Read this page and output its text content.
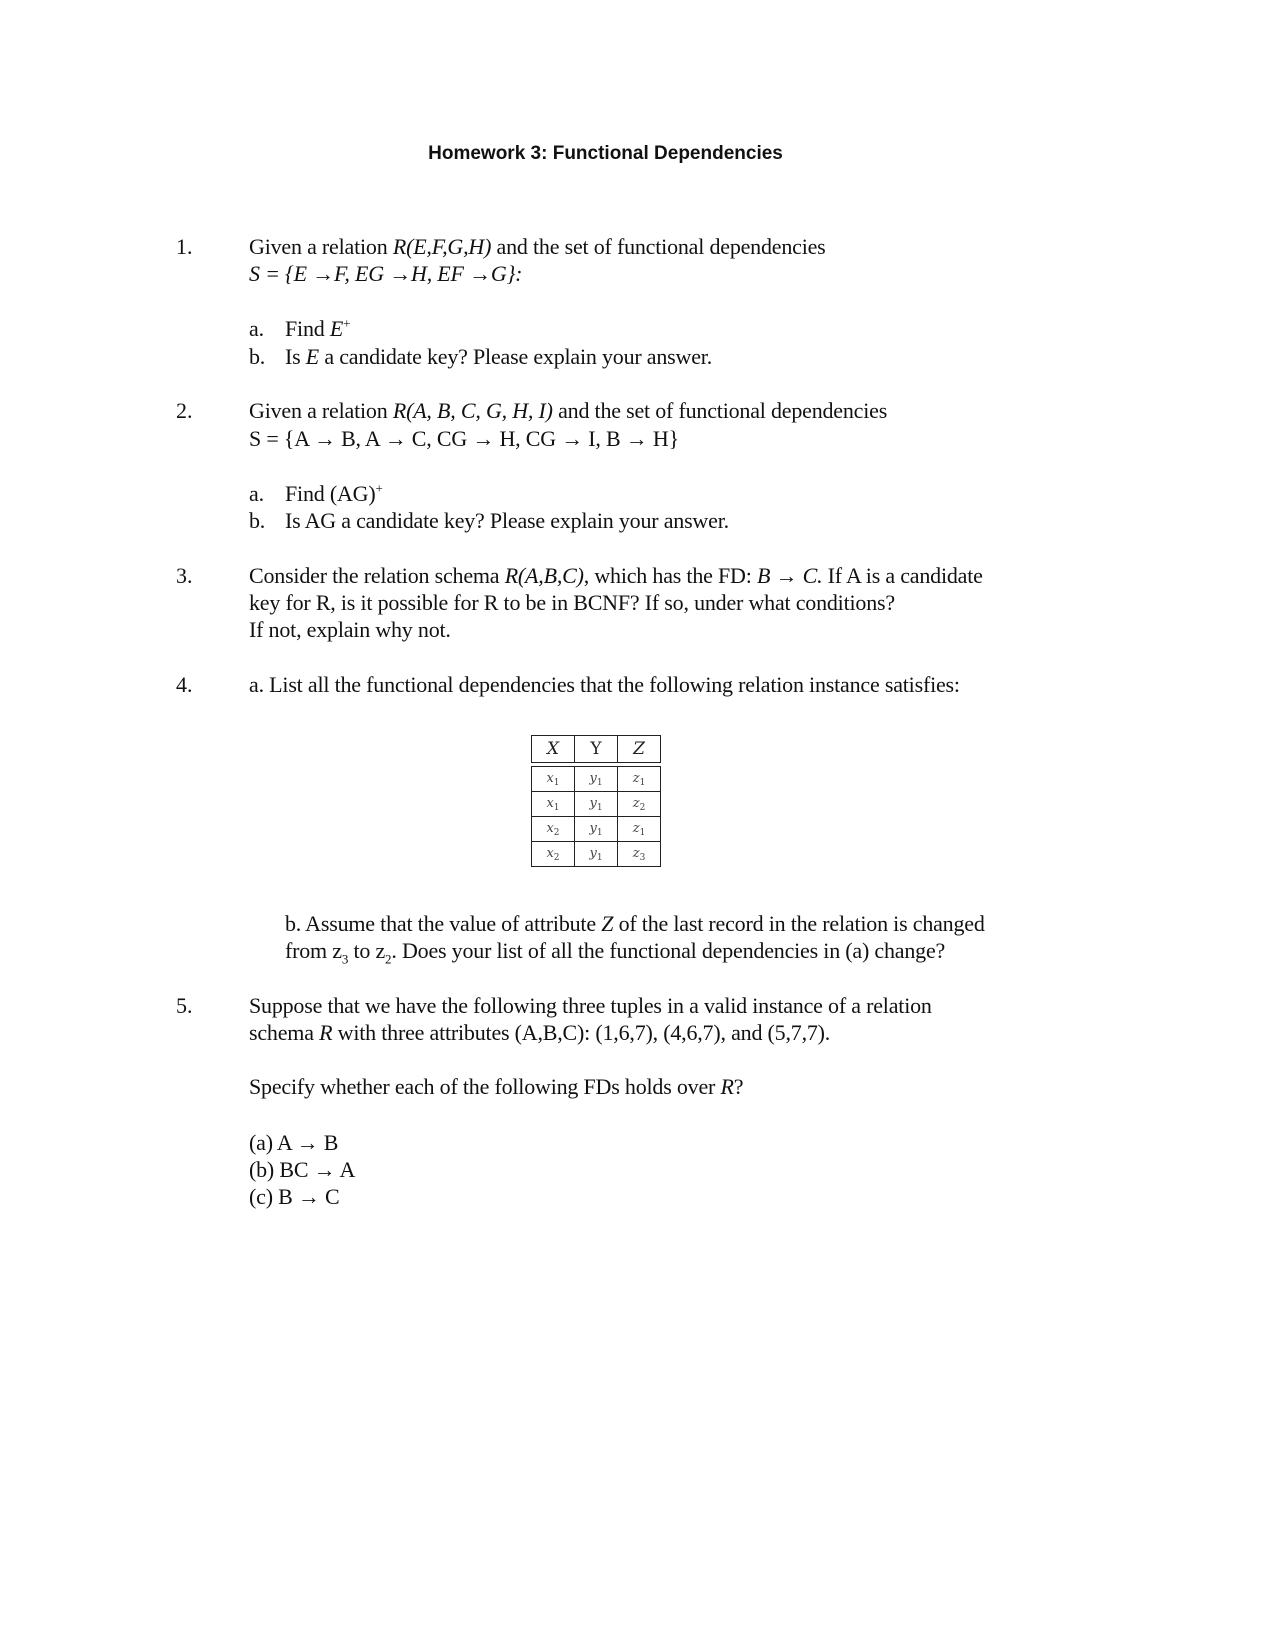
Homework 3: Functional Dependencies
1.	Given a relation R(E,F,G,H) and the set of functional dependencies
S = {E →F, EG →H, EF →G}:
a. Find E+
b. Is E a candidate key? Please explain your answer.
2.	Given a relation R(A, B, C, G, H, I) and the set of functional dependencies
S = {A → B, A → C, CG → H, CG → I, B → H}
a. Find (AG)+
b. Is AG a candidate key? Please explain your answer.
3.	Consider the relation schema R(A,B,C), which has the FD: B → C. If A is a candidate
key for R, is it possible for R to be in BCNF? If so, under what conditions?
If not, explain why not.
4.	a. List all the functional dependencies that the following relation instance satisfies:
X	Y	Z

$x_1$	$y_1$	$z_1$
$x_1$	$y_1$	$z_2$
$x_2$	$y_1$	$z_1$
$x_2$	$y_1$	$z_3$
b. Assume that the value of attribute Z of the last record in the relation is changed
from $z_3$ to $z_2$. Does your list of all the functional dependencies in (a) change?
5.	Suppose that we have the following three tuples in a valid instance of a relation
schema R with three attributes (A,B,C): (1,6,7), (4,6,7), and (5,7,7).
Specify whether each of the following FDs holds over R?
(a) A → B
(b) BC → A
(c) B → C
